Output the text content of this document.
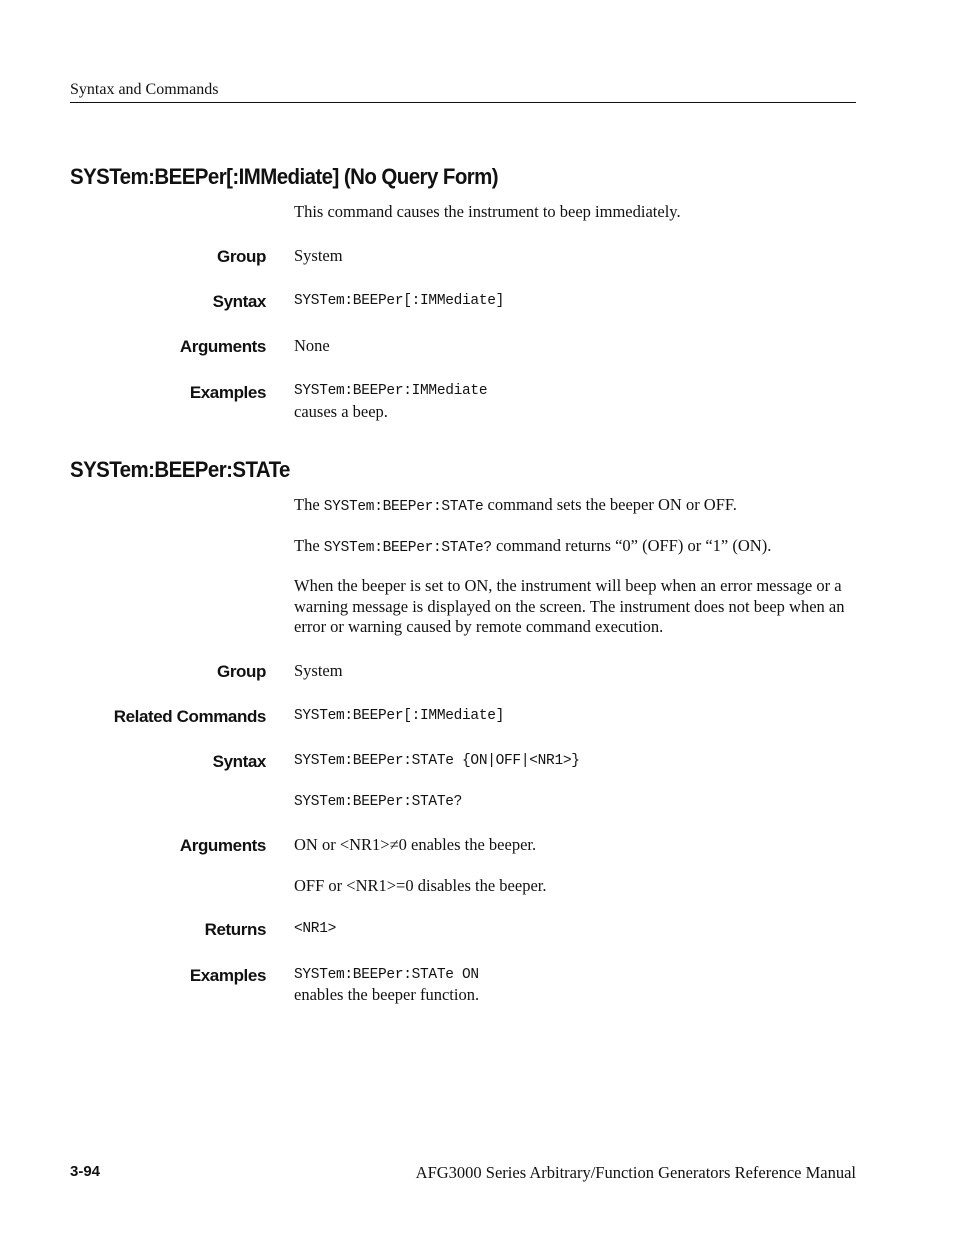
Syntax and Commands
SYSTem:BEEPer[:IMMediate] (No Query Form)

This command causes the instrument to beep immediately.

Group System

Syntax SYSTem:BEEPer[:IMMediate]

Arguments None

Examples SYSTem:BEEPer:IMMediate

causes a beep.

SYSTem:BEEPer:STATe

The SYSTem:BEEPer:STATe command sets the beeper ON or OFF.

The SYSTem:BEEPer:STATe? command returns “0” (OFF) or “1” (ON).

When the beeper is set to ON, the instrument will beep when an error message or a warning message is displayed on the screen. The instrument does not beep when an error or warning caused by remote command execution.

Group System

Related Commands SYSTem:BEEPer[:IMMediate]

Syntax SYSTem:BEEPer:STATe {ON|OFF|<NR1>}

SYSTem:BEEPer:STATe?

Arguments ON or <NR1>≠0 enables the beeper.

OFF or <NR1>=0 disables the beeper.

Returns <NR1>

Examples SYSTem:BEEPer:STATe ON

enables the beeper function.

3-94	AFG3000 Series Arbitrary/Function Generators Reference Manual
